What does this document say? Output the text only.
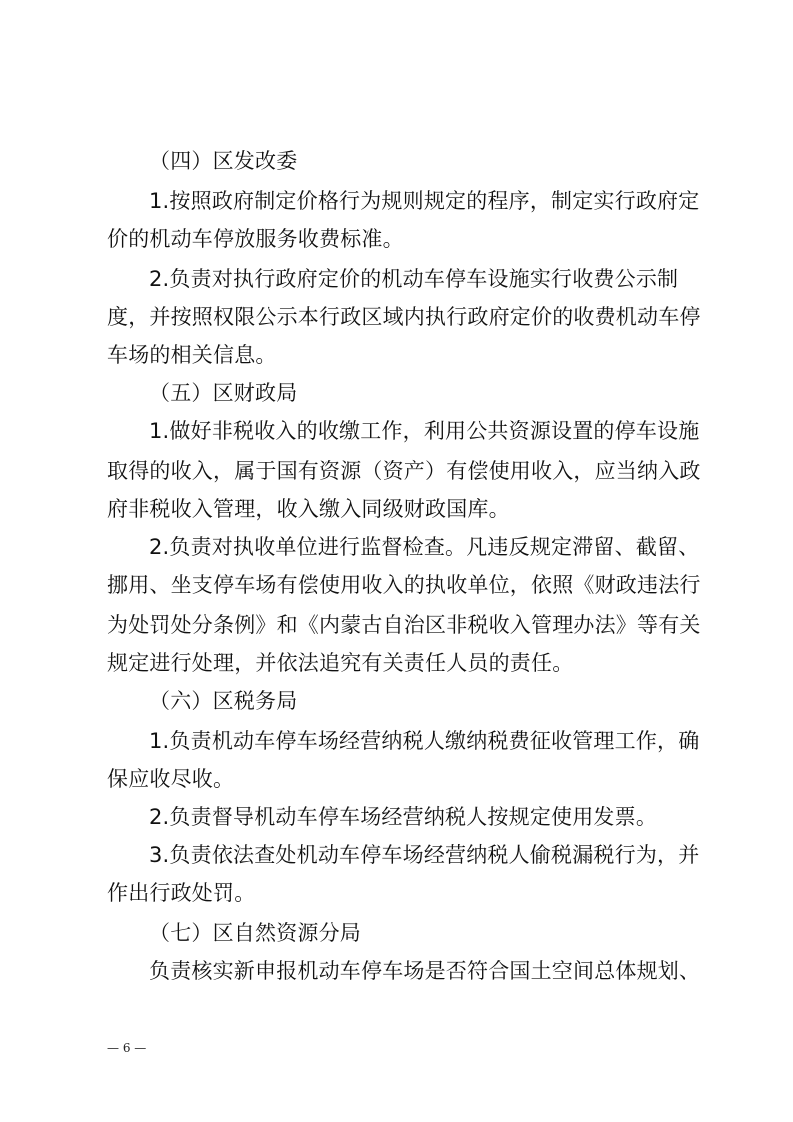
（四）区发改委
1.按照政府制定价格行为规则规定的程序，制定实行政府定
价的机动车停放服务收费标准。
2.负责对执行政府定价的机动车停车设施实行收费公示制
度，并按照权限公示本行政区域内执行政府定价的收费机动车停
车场的相关信息。
（五）区财政局
1.做好非税收入的收缴工作，利用公共资源设置的停车设施
取得的收入，属于国有资源（资产）有偿使用收入，应当纳入政
府非税收入管理，收入缴入同级财政国库。
2.负责对执收单位进行监督检查。凡违反规定滞留、截留、
挪用、坐支停车场有偿使用收入的执收单位，依照《财政违法行
为处罚处分条例》和《内蒙古自治区非税收入管理办法》等有关
规定进行处理，并依法追究有关责任人员的责任。
（六）区税务局
1.负责机动车停车场经营纳税人缴纳税费征收管理工作，确
保应收尽收。
2.负责督导机动车停车场经营纳税人按规定使用发票。
3.负责依法查处机动车停车场经营纳税人偷税漏税行为，并
作出行政处罚。
（七）区自然资源分局
负责核实新申报机动车停车场是否符合国土空间总体规划、
— 6 —
